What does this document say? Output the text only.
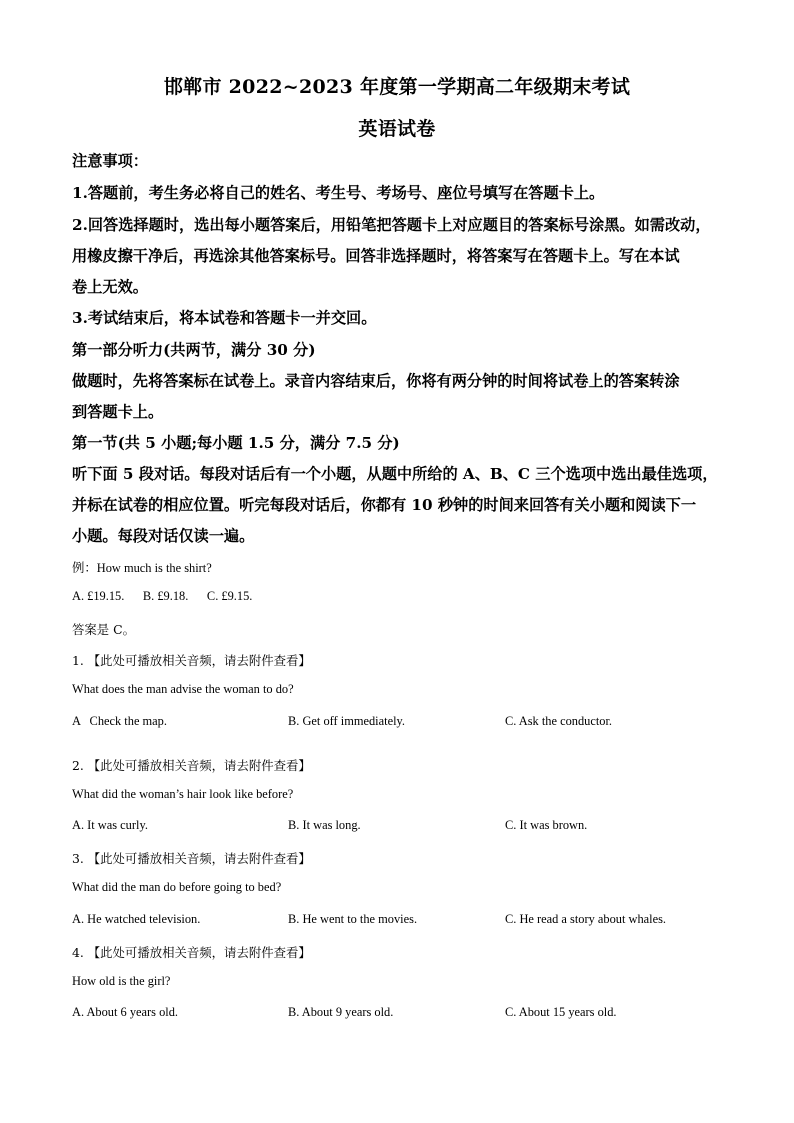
邯郸市 2022~2023 年度第一学期高二年级期末考试
英语试卷
注意事项：
1.答题前，考生务必将自己的姓名、考生号、考场号、座位号填写在答题卡上。
2.回答选择题时，选出每小题答案后，用铅笔把答题卡上对应题目的答案标号涂黑。如需改动，
用橡皮擦干净后，再选涂其他答案标号。回答非选择题时，将答案写在答题卡上。写在本试
卷上无效。
3.考试结束后，将本试卷和答题卡一并交回。
第一部分听力(共两节，满分 30 分)
做题时，先将答案标在试卷上。录音内容结束后，你将有两分钟的时间将试卷上的答案转涂
到答题卡上。
第一节(共 5 小题;每小题 1.5 分，满分 7.5 分)
听下面 5 段对话。每段对话后有一个小题，从题中所给的 A、B、C 三个选项中选出最佳选项，
并标在试卷的相应位置。听完每段对话后，你都有 10 秒钟的时间来回答有关小题和阅读下一
小题。每段对话仅读一遍。
例：How much is the shirt?
A. £19.15.      B. £9.18.      C. £9.15.
答案是 C。
1. 【此处可播放相关音频，请去附件查看】
What does the man advise the woman to do?
A   Check the map.	B. Get off immediately.	C. Ask the conductor.
2. 【此处可播放相关音频，请去附件查看】
What did the woman’s hair look like before?
A. It was curly.	B. It was long.	C. It was brown.
3. 【此处可播放相关音频，请去附件查看】
What did the man do before going to bed?
A. He watched television.	B. He went to the movies.	C. He read a story about whales.
4. 【此处可播放相关音频，请去附件查看】
How old is the girl?
A. About 6 years old.	B. About 9 years old.	C. About 15 years old.
